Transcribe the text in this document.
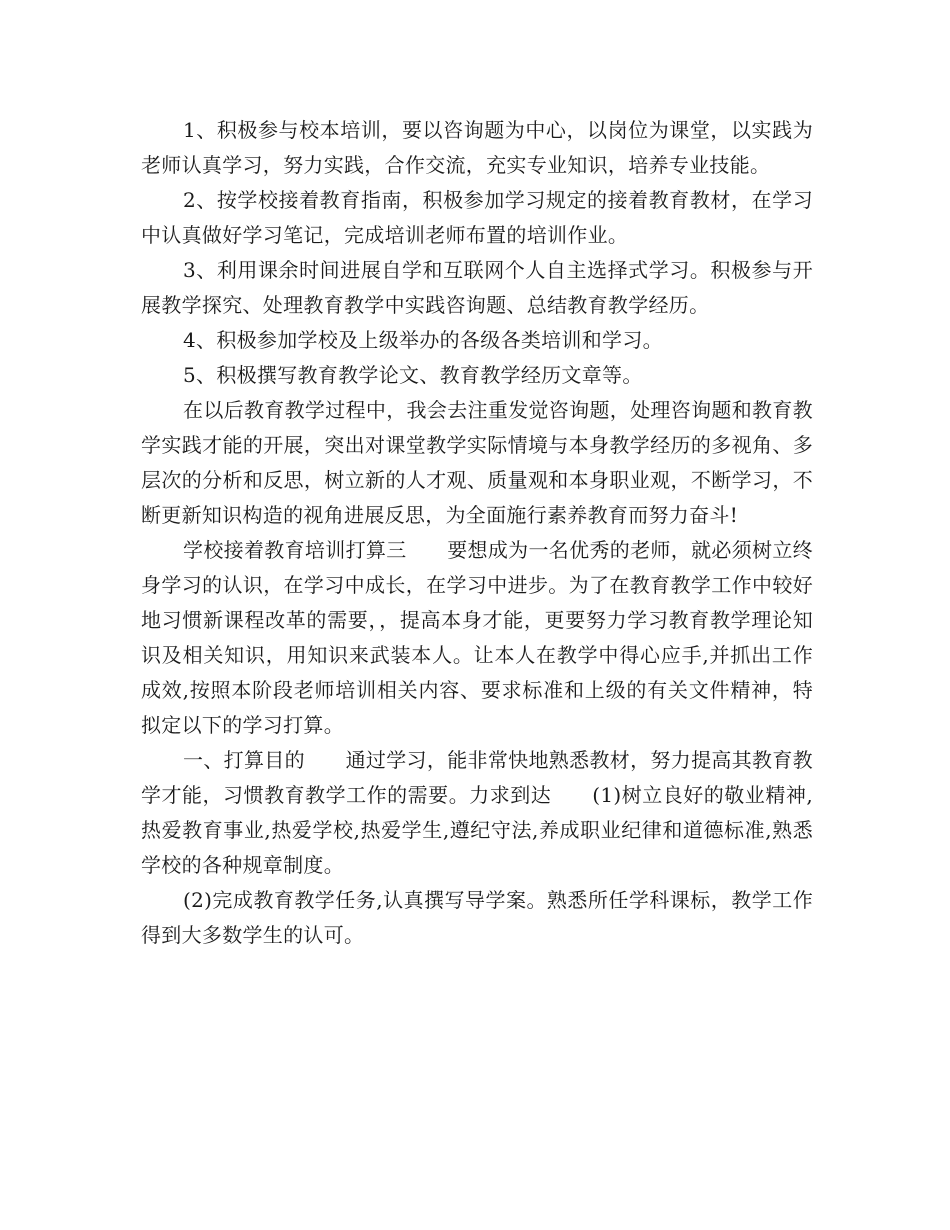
1、积极参与校本培训，要以咨询题为中心，以岗位为课堂，以实践为老师认真学习，努力实践，合作交流，充实专业知识，培养专业技能。

2、按学校接着教育指南，积极参加学习规定的接着教育教材，在学习中认真做好学习笔记，完成培训老师布置的培训作业。

3、利用课余时间进展自学和互联网个人自主选择式学习。积极参与开展教学探究、处理教育教学中实践咨询题、总结教育教学经历。

4、积极参加学校及上级举办的各级各类培训和学习。

5、积极撰写教育教学论文、教育教学经历文章等。

在以后教育教学过程中，我会去注重发觉咨询题，处理咨询题和教育教学实践才能的开展，突出对课堂教学实际情境与本身教学经历的多视角、多层次的分析和反思，树立新的人才观、质量观和本身职业观，不断学习，不断更新知识构造的视角进展反思，为全面施行素养教育而努力奋斗!

学校接着教育培训打算三　　要想成为一名优秀的老师，就必须树立终身学习的认识，在学习中成长，在学习中进步。为了在教育教学工作中较好地习惯新课程改革的需要，，提高本身才能，更要努力学习教育教学理论知识及相关知识，用知识来武装本人。让本人在教学中得心应手,并抓出工作成效,按照本阶段老师培训相关内容、要求标准和上级的有关文件精神，特拟定以下的学习打算。

一、打算目的　　通过学习，能非常快地熟悉教材，努力提高其教育教学才能，习惯教育教学工作的需要。力求到达　　(1)树立良好的敬业精神,热爱教育事业,热爱学校,热爱学生,遵纪守法,养成职业纪律和道德标准,熟悉学校的各种规章制度。

(2)完成教育教学任务,认真撰写导学案。熟悉所任学科课标，教学工作得到大多数学生的认可。
